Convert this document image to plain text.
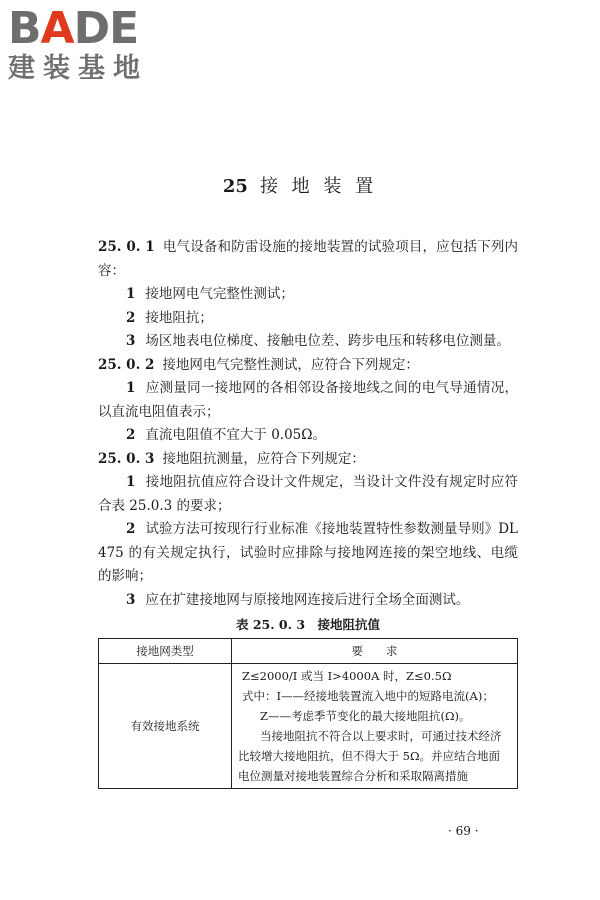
BADE
建装基地
25 接 地 装 置

25. 0. 1 电气设备和防雷设施的接地装置的试验项目，应包括下列内容：

1 接地网电气完整性测试；

2 接地阻抗；

3 场区地表电位梯度、接触电位差、跨步电压和转移电位测量。

25. 0. 2 接地网电气完整性测试，应符合下列规定：

1 应测量同一接地网的各相邻设备接地线之间的电气导通情况，以直流电阻值表示；

2 直流电阻值不宜大于 0.05Ω。

25. 0. 3 接地阻抗测量，应符合下列规定：

1 接地阻抗值应符合设计文件规定，当设计文件没有规定时应符合表 25.0.3 的要求；

2 试验方法可按现行行业标准《接地装置特性参数测量导则》DL 475 的有关规定执行，试验时应排除与接地网连接的架空地线、电缆的影响；

3 应在扩建接地网与原接地网连接后进行全场全面测试。

表 25. 0. 3　接地阻抗值
接地网类型	要　　求
有效接地系统	Z≤2000/I 或当 I>4000A 时，Z≤0.5Ω
式中：I——经接地装置流入地中的短路电流(A)；
Z——考虑季节变化的最大接地阻抗(Ω)。
当接地阻抗不符合以上要求时，可通过技术经济比较增大接地阻抗，但不得大于 5Ω。并应结合地面电位测量对接地装置综合分析和采取隔离措施
· 69 ·
